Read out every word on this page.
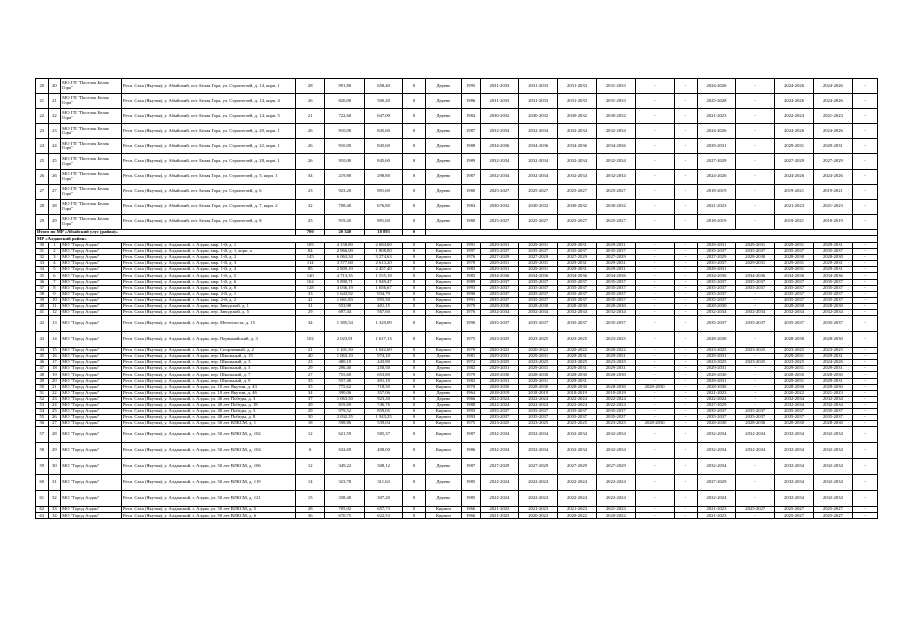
20	20	МО ГП "Поселок Белая Гора"	Респ. Саха (Якутия), у. Абыйский, пгт. Белая Гора, ул. Строителей, д. 14, корп. 1	28	991,80	658,40	0	Дерево	1995	2031-2033	2031-2033	2031-2033	2031-2033	-	-	2024-2026	-	2024-2026	2024-2026	-
21	21	МО ГП "Поселок Белая Гора"	Респ. Саха (Якутия), у. Абыйский, пгт. Белая Гора, ул. Строителей, д. 14, корп. 4	26	820,00	500,20	0	Дерево	1986	2031-2033	2031-2033	2031-2033	2031-2033	-	-	2025-2028	-	2024-2026	2024-2026	-
22	22	МО ГП "Поселок Белая Гора"	Респ. Саха (Якутия), у. Абыйский, пгт. Белая Гора, ул. Строителей, д. 14, корп. 5	21	722,60	647,00	0	Дерево	1984	2030-2032	2030-2032	2030-2032	2030-2032	-	-	2021-2023	-	2022-2024	2021-2023	-
23	23	МО ГП "Поселок Белая Гора"	Респ. Саха (Якутия), у. Абыйский, пгт. Белая Гора, ул. Строителей, д. 20, корп. 1	26	910,00	845,60	0	Дерево	1987	2032-2034	2032-2034	2032-2034	2032-2034	-	-	2024-2026	-	2024-2026	2024-2026	-
24	24	МО ГП "Поселок Белая Гора"	Респ. Саха (Якутия), у. Абыйский, пгт. Белая Гора, ул. Строителей, д. 22, корп. 1	26	910,00	845,60	0	Дерево	1988	2034-2036	2034-2036	2034-2036	2034-2036	-	-	2029-2031	-	2029-2031	2029-2031	-
25	25	МО ГП "Поселок Белая Гора"	Респ. Саха (Якутия), у. Абыйский, пгт. Белая Гора, ул. Строителей, д. 28, корп. 1	26	910,00	845,60	0	Дерево	1989	2032-2034	2032-2034	2032-2034	2032-2034	-	-	2027-2029	-	2027-2029	2027-2029	-
26	26	МО ГП "Поселок Белая Гора"	Респ. Саха (Якутия), у. Абыйский, пгт. Белая Гора, ул. Строителей, д. 5, корп. 1	34	219,80	298,80	0	Дерево	1987	2032-2034	2032-2034	2032-2034	2032-2034	-	-	2024-2026	-	2024-2026	2024-2026	-
27	27	МО ГП "Поселок Белая Гора"	Респ. Саха (Якутия), у. Абыйский, пгт. Белая Гора, ул. Строителей, д. 6	23	923,20	891,60	0	Дерево	1980	2025-2027	2025-2027	2025-2027	2025-2027	-	-	2018-2019	-	2019-2021	2019-2021	-
28	28	МО ГП "Поселок Белая Гора"	Респ. Саха (Якутия), у. Абыйский, пгт. Белая Гора, ул. Строителей, д. 7, корп. 2	32	708,40	676,80	0	Дерево	1984	2030-2032	2030-2032	2030-2032	2030-2032	-	-	2021-2023	-	2021-2023	2021-2023	-
29	29	МО ГП "Поселок Белая Гора"	Респ. Саха (Якутия), у. Абыйский, пгт. Белая Гора, ул. Строителей, д. 8	25	919,20	891,60	0	Дерево	1980	2025-2027	2025-2027	2025-2027	2025-2027	-	-	2018-2019	-	2019-2021	2018-2019	-
Итого по МР «Абыйский улус (район)»				700	20 340	18 895	0													
МР «Алданский район»																				
30	1	МО "Город Алдан"	Респ. Саха (Якутия), у. Алданский, г. Алдан, мкр. 1-й, д. 1	105	4 158,80	2 684,60	0	Кирпич	1991	2029-2031	2029-2031	2029-2031	2029-2031	-	-	2029-2031	2029-2031	2029-2031	2029-2031	-
31	2	МО "Город Алдан"	Респ. Саха (Якутия), у. Алданский, г. Алдан, мкр. 1-й, д. 1, корп. а	84	2 966,00	1 808,00	0	Кирпич	1997	2035-2037	2035-2037	2035-2037	2035-2037	-	-	2035-2037	2035-2037	2035-2037	2035-2037	-
32	3	МО "Город Алдан"	Респ. Саха (Якутия), у. Алданский, г. Алдан, мкр. 1-й, д. 2	145	6 063,34	3 274,63	0	Кирпич	1976	2027-2029	2027-2029	2027-2029	2027-2029	-	-	2027-2029	2028-2030	2028-2030	2028-2030	-
33	4	МО "Город Алдан"	Респ. Саха (Якутия), у. Алданский, г. Алдан, мкр. 1-й, д. 3	114	3 577,60	2 613,20	0	Кирпич	1979	2029-2031	2029-2031	2029-2031	2029-2031	-	-	2035-2037	2029-2031	2029-2031	2029-2031	-
34	5	МО "Город Алдан"	Респ. Саха (Якутия), у. Алданский, г. Алдан, мкр. 1-й, д. 4	85	2 809,10	2 457,40	0	Кирпич	1983	2029-2031	2029-2031	2029-2031	2029-2031	-	-	2029-2031	-	2029-2031	2029-2031	-
35	6	МО "Город Алдан"	Респ. Саха (Якутия), у. Алданский, г. Алдан, мкр. 1-й, д. 5	140	4 713,35	1 555,18	0	Кирпич	1985	2034-2036	2034-2036	2034-2036	2034-2036	-	-	2034-2036	2034-2036	2034-2036	2034-2036	-
36	7	МО "Город Алдан"	Респ. Саха (Якутия), у. Алданский, г. Алдан, мкр. 1-й, д. 6	162	5 890,71	1 949,47	0	Кирпич	1989	2035-2037	2035-2037	2035-2037	2035-2037	-	-	2035-2037	2035-2037	2035-2037	2035-2037	-
37	8	МО "Город Алдан"	Респ. Саха (Якутия), у. Алданский, г. Алдан, мкр. 1-й, д. 8	128	4 036,19	1 656,67	0	Кирпич	1993	2035-2037	2035-2037	2035-2037	2035-2037	-	-	2035-2037	2035-2037	2035-2037	2035-2037	-
38	9	МО "Город Алдан"	Респ. Саха (Якутия), у. Алданский, г. Алдан, мкр. 2-й, д. 1	33	1 643,92	934,79	0	Кирпич	1990	2035-2037	2035-2037	2035-2037	2035-2037	-	-	2035-2037	-	2035-2037	2035-2037	-
39	10	МО "Город Алдан"	Респ. Саха (Якутия), у. Алданский, г. Алдан, мкр. 2-й, д. 2	41	1 661,83	955,50	0	Кирпич	1991	2035-2037	2035-2037	2035-2037	2035-2037	-	-	2035-2037	-	2035-2037	2035-2037	-
40	11	МО "Город Алдан"	Респ. Саха (Якутия), у. Алданский, г. Алдан, пер. Заводской, д. 1	31	553,98	401,15	0	Кирпич	1979	2028-2030	2028-2030	2028-2030	2028-2030	-	-	2028-2030	-	2028-2030	2028-2030	-
41	12	МО "Город Алдан"	Респ. Саха (Якутия), у. Алданский, г. Алдан, пер. Заводской, д. 5	29	697,44	567,60	0	Кирпич	1976	2032-2034	2032-2034	2032-2034	2032-2034	-	-	2032-2034	2032-2034	2032-2034	2032-2034	-
42	13	МО "Город Алдан"	Респ. Саха (Якутия), у. Алданский, г. Алдан, пер. Метеопоста, д. 15	34	1 385,54	1 329,09	0	Кирпич	1990	2035-2037	2035-2037	2035-2037	2035-2037	-	-	2035-2037	2035-2037	2035-2037	2035-2037	-
43	14	МО "Город Алдан"	Респ. Саха (Якутия), у. Алданский, г. Алдан, пер. Первомайский, д. 3	102	2 023,91	1 617,13	0	Кирпич	1975	2023-2025	2023-2025	2023-2025	2023-2025	-	-	2028-2030	-	2028-2030	2028-2030	-
44	15	МО "Город Алдан"	Респ. Саха (Якутия), у. Алданский, г. Алдан, пер. Спортивный, д. 2	21	1 101,50	1 042,60	0	Кирпич	1970	2020-2022	2020-2022	2020-2022	2020-2022	-	-	2023-2025	2023-2025	2023-2025	2023-2025	-
45	16	МО "Город Алдан"	Респ. Саха (Якутия), у. Алданский, г. Алдан, пер. Школьный, д. 15	40	1 063,10	974,10	0	Дерево	1981	2029-2031	2029-2031	2029-2031	2029-2031	-	-	2029-2031	-	2029-2031	2029-2031	-
46	17	МО "Город Алдан"	Респ. Саха (Якутия), у. Алданский, г. Алдан, пер. Школьный, д. 3	23	480,10	443,80	0	Кирпич	1972	2023-2025	2023-2025	2023-2025	2023-2025	-	-	2023-2025	2023-2025	2023-2025	2024-2026	-
47	18	МО "Город Алдан"	Респ. Саха (Якутия), у. Алданский, г. Алдан, пер. Школьный, д. 5	29	296,40	250,50	0	Дерево	1982	2029-2031	2029-2031	2029-2031	2029-2031	-	-	2029-2031	-	2029-2031	2029-2031	-
48	19	МО "Город Алдан"	Респ. Саха (Якутия), у. Алданский, г. Алдан, пер. Школьный, д. 7	27	755,60	653,80	0	Кирпич	1979	2028-2030	2028-2030	2028-2030	2028-2030	-	-	2028-2030	-	2028-2030	2028-2030	-
49	20	МО "Город Алдан"	Респ. Саха (Якутия), у. Алданский, г. Алдан, пер. Школьный, д. 9	35	557,40	491,10	0	Кирпич	1982	2029-2031	2029-2031	2029-2031	-	-	-	2029-2031	-	2029-2031	2029-2031	-
50	21	МО "Город Алдан"	Респ. Саха (Якутия), у. Алданский, г. Алдан, ул. 10 лет Якутии, д. 43	35	775,62	718,50	0	Кирпич	1970	2028-2030	2028-2030	2028-2030	2028-2030	2028-2030	-	2028-2030	-	2028-2030	2028-2030	-
51	22	МО "Город Алдан"	Респ. Саха (Якутия), у. Алданский, г. Алдан, ул. 10 лет Якутии, д. 46	34	390,06	357,06	0	Дерево	1964	2018-2019	2018-2019	2018-2019	2018-2019	-	-	2021-2023	-	2020-2022	2021-2023	-
52	23	МО "Город Алдан"	Респ. Саха (Якутия), у. Алданский, г. Алдан, ул. 40 лет Победы, д. 3	37	1 063,50	923,30	0	Дерево	1966	2022-2024	2022-2024	2022-2024	2022-2024	-	-	2022-2024	-	2032-2034	2032-2034	-
53	24	МО "Город Алдан"	Респ. Саха (Якутия), у. Алданский, г. Алдан, ул. 40 лет Победы, д. 18	49	819,69	746,76	0	Дерево	1988	2022-2024	2022-2024	2022-2024	2022-2024	-	-	2027-2029	-	2032-2034	2032-2034	-
54	25	МО "Город Алдан"	Респ. Саха (Якутия), у. Алданский, г. Алдан, ул. 40 лет Победы, д. 3	29	979,52	859,05	0	Кирпич	1993	2035-2037	2035-2037	2035-2037	2035-2037	-	-	2035-2037	2035-2037	2035-2037	2035-2037	-
55	26	МО "Город Алдан"	Респ. Саха (Якутия), у. Алданский, г. Алдан, ул. 40 лет Победы, д. 8	30	2 032,35	1 943,25	0	Кирпич	1993	2035-2037	2035-2037	2035-2037	2035-2037	-	-	2035-2037	2035-2037	2035-2037	2035-2037	-
56	27	МО "Город Алдан"	Респ. Саха (Якутия), у. Алданский, г. Алдан, ул. 50 лет ВЛКСМ, д. 1	18	598,86	539,04	0	Кирпич	1975	2023-2025	2023-2025	2023-2025	2023-2025	2028-2030	-	2028-2030	2028-2030	2028-2030	2028-2030	-
57	28	МО "Город Алдан"	Респ. Саха (Якутия), у. Алданский, г. Алдан, ул. 50 лет ВЛКСМ, д. 102	12	621,59	585,37	0	Кирпич	1987	2032-2034	2032-2034	2032-2034	2032-2034	-	-	2032-2034	2032-2034	2032-2034	2032-2034	-
58	29	МО "Город Алдан"	Респ. Саха (Якутия), у. Алданский, г. Алдан, ул. 50 лет ВЛКСМ, д. 104	6	632,69	408,00	0	Кирпич	1986	2032-2034	2032-2034	2032-2034	2032-2034	-	-	2032-2034	2032-2034	2032-2034	2032-2034	-
59	30	МО "Город Алдан"	Респ. Саха (Якутия), у. Алданский, г. Алдан, ул. 50 лет ВЛКСМ, д. 106	12	349,22	308,12	0	Дерево	1987	2027-2029	2027-2029	2027-2029	2027-2029	-	-	2032-2034	-	2032-2034	2032-2034	-
60	31	МО "Город Алдан"	Респ. Саха (Якутия), у. Алданский, г. Алдан, ул. 50 лет ВЛКСМ, д. 119	14	323,78	311,63	0	Дерево	1985	2022-2024	2022-2024	2022-2024	2022-2024	-	-	2027-2029	-	2032-2034	2032-2034	-
61	32	МО "Город Алдан"	Респ. Саха (Якутия), у. Алданский, г. Алдан, ул. 50 лет ВЛКСМ, д. 121	15	338,40	307,20	0	Дерево	1985	2022-2024	2022-2024	2022-2024	2022-2024	-	-	2022-2024	-	2032-2034	2032-2034	-
62	33	МО "Город Алдан"	Респ. Саха (Якутия), у. Алданский, г. Алдан, ул. 50 лет ВЛКСМ, д. 5	28	705,92	657,73	0	Кирпич	1966	2021-2023	2021-2023	2021-2023	2021-2023	-	-	2021-2023	2025-2027	2025-2027	2025-2027	-
63	34	МО "Город Алдан"	Респ. Саха (Якутия), у. Алданский, г. Алдан, ул. 50 лет ВЛКСМ, д. 6	36	670,75	622,53	0	Кирпич	1966	2021-2023	2020-2022	2020-2022	2020-2022	-	-	2021-2023	-	2025-2027	2025-2027	-
